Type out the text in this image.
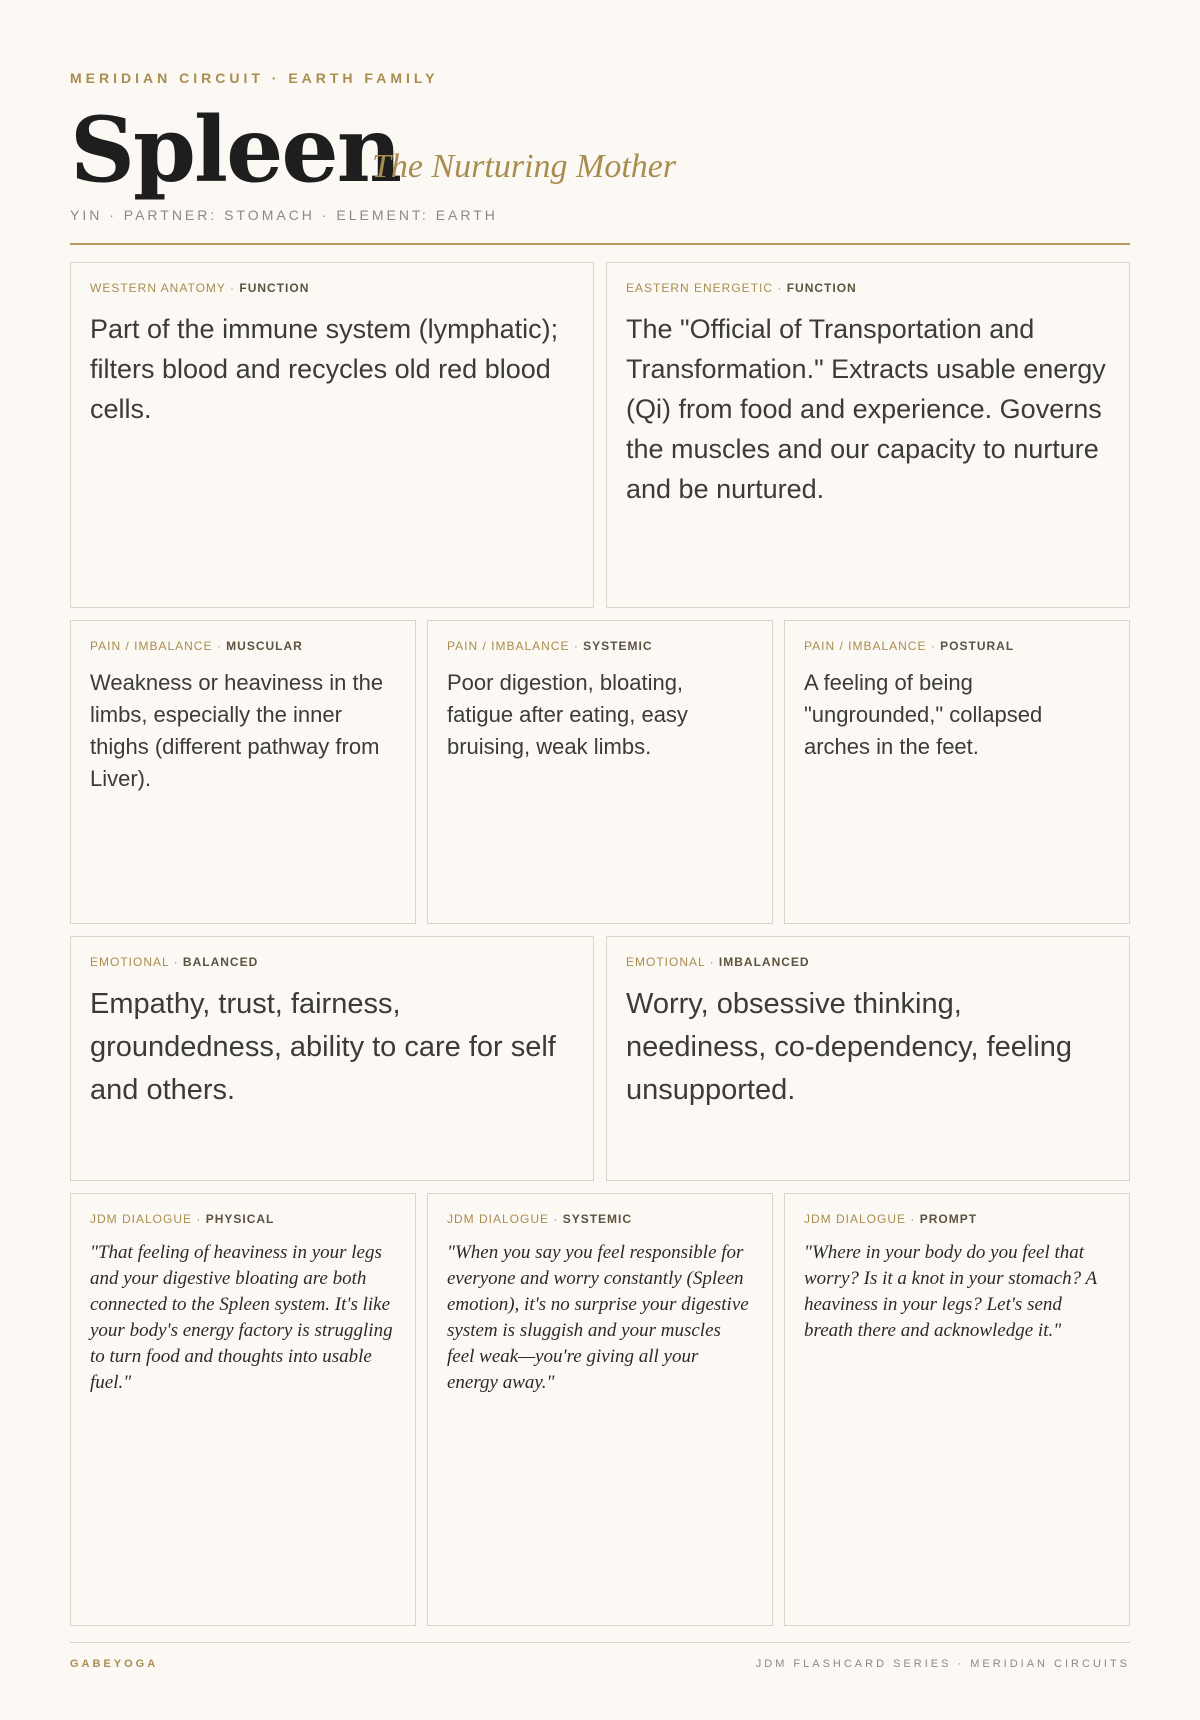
MERIDIAN CIRCUIT · EARTH FAMILY
Spleen
The Nurturing Mother
YIN · PARTNER: STOMACH · ELEMENT: EARTH
WESTERN ANATOMY · FUNCTION
Part of the immune system (lymphatic); filters blood and recycles old red blood cells.
EASTERN ENERGETIC · FUNCTION
The "Official of Transportation and Transformation." Extracts usable energy (Qi) from food and experience. Governs the muscles and our capacity to nurture and be nurtured.
PAIN / IMBALANCE · MUSCULAR
Weakness or heaviness in the limbs, especially the inner thighs (different pathway from Liver).
PAIN / IMBALANCE · SYSTEMIC
Poor digestion, bloating, fatigue after eating, easy bruising, weak limbs.
PAIN / IMBALANCE · POSTURAL
A feeling of being "ungrounded," collapsed arches in the feet.
EMOTIONAL · BALANCED
Empathy, trust, fairness, groundedness, ability to care for self and others.
EMOTIONAL · IMBALANCED
Worry, obsessive thinking, neediness, co-dependency, feeling unsupported.
JDM DIALOGUE · PHYSICAL
"That feeling of heaviness in your legs and your digestive bloating are both connected to the Spleen system. It's like your body's energy factory is struggling to turn food and thoughts into usable fuel."
JDM DIALOGUE · SYSTEMIC
"When you say you feel responsible for everyone and worry constantly (Spleen emotion), it's no surprise your digestive system is sluggish and your muscles feel weak—you're giving all your energy away."
JDM DIALOGUE · PROMPT
"Where in your body do you feel that worry? Is it a knot in your stomach? A heaviness in your legs? Let's send breath there and acknowledge it."
GABEYOGA	JDM FLASHCARD SERIES · MERIDIAN CIRCUITS
